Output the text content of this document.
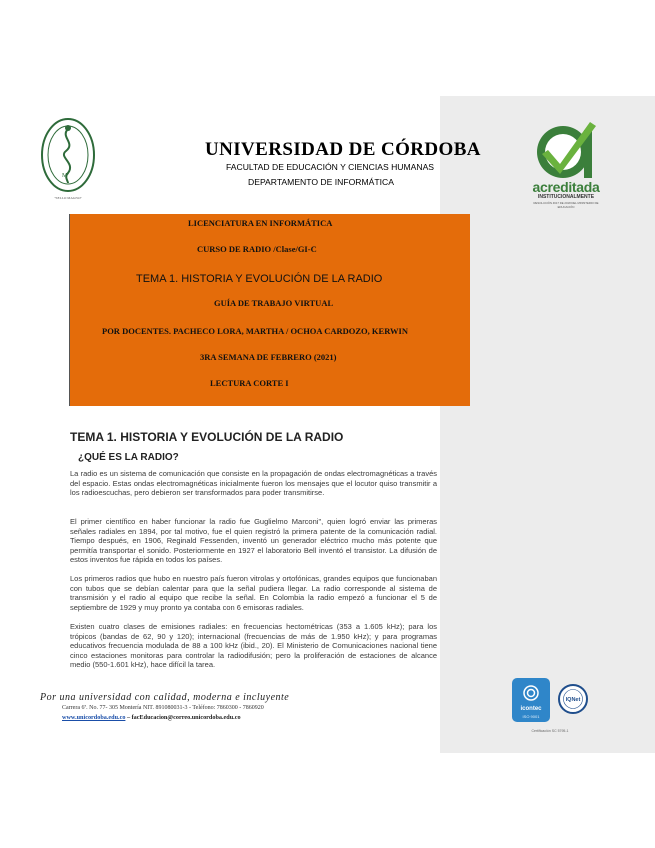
M
"SELLO MAGNO"
UNIVERSIDAD DE CÓRDOBA
FACULTAD DE EDUCACIÓN Y CIENCIAS HUMANAS
DEPARTAMENTO DE INFORMÁTICA	acreditada
INSTITUCIONALMENTE
RESOLUCIÓN 4617 DE 2018 DEL MINISTERIO DE EDUCACIÓN
LICENCIATURA EN INFORMÁTICA
CURSO DE RADIO /Clase/GI-C
TEMA 1. HISTORIA Y EVOLUCIÓN DE LA RADIO
GUÍA DE TRABAJO VIRTUAL
POR DOCENTES. PACHECO LORA, MARTHA / OCHOA CARDOZO, KERWIN
3RA SEMANA DE FEBRERO (2021)
LECTURA CORTE I
TEMA 1. HISTORIA Y EVOLUCIÓN DE LA RADIO
¿QUÉ ES LA RADIO?
La radio es un sistema de comunicación que consiste en la propagación de ondas electromagnéticas a través del espacio. Estas ondas electromagnéticas inicialmente fueron los mensajes que el locutor quiso transmitir a los radioescuchas, pero debieron ser transformados para poder transmitirse.
El primer científico en haber funcionar la radio fue Guglielmo Marconi", quien logró enviar las primeras señales radiales en 1894, por tal motivo, fue el quien registró la primera patente de la comunicación radial. Tiempo después, en 1906, Reginald Fessenden, inventó un generador eléctrico mucho más potente que permitía transportar el sonido. Posteriormente en 1927 el laboratorio Bell inventó el transistor. La difusión de estos inventos fue rápida en todos los países.
Los primeros radios que hubo en nuestro país fueron vitrolas y ortofónicas, grandes equipos que funcionaban con tubos que se debían calentar para que la señal pudiera llegar. La radio corresponde al sistema de transmisión y el radio al equipo que recibe la señal. En Colombia la radio empezó a funcionar el 5 de septiembre de 1929 y muy pronto ya contaba con 6 emisoras radiales.
Existen cuatro clases de emisiones radiales: en frecuencias hectométricas (353 a 1.605 kHz); para los trópicos (bandas de 62, 90 y 120); internacional (frecuencias de más de 1.950 kHz); y para programas educativos frecuencia modulada de 88 a 100 kHz (ibid., 20). El Ministerio de Comunicaciones nacional tiene cinco estaciones monitoras para controlar la radiodifusión; pero la proliferación de estaciones de alcance medio (550-1.601 kHz), hace difícil la tarea.
Por una universidad con calidad, moderna e incluyente
Carrera 6ª. No. 77- 305 Montería NIT. 891080031-3 - Teléfono: 7860300 - 7860920
www.unicordoba.edu.co – facEducacion@correo.unicordoba.edu.co
icontec
ISO 9001
IQNet
Certificación SC 5795-1
